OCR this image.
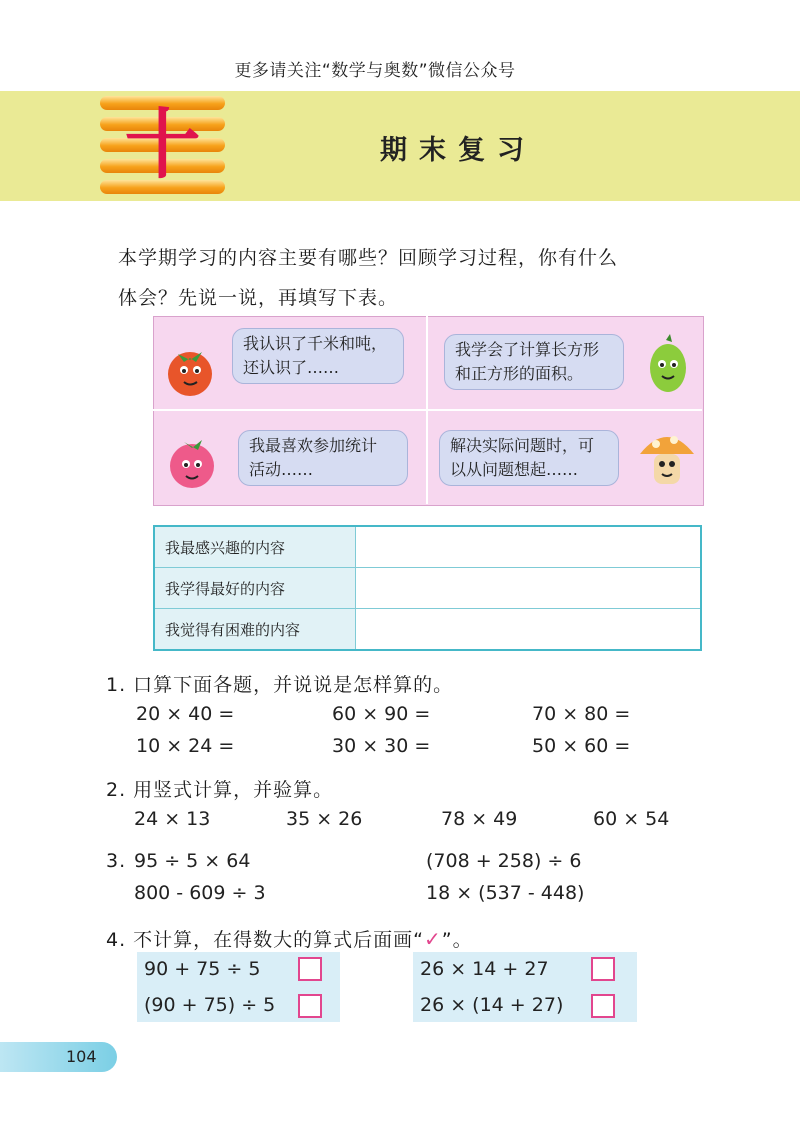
更多请关注“数学与奥数”微信公众号
十	期末复习
本学期学习的内容主要有哪些？回顾学习过程，你有什么
体会？先说一说，再填写下表。
我认识了千米和吨，
还认识了……
我学会了计算长方形
和正方形的面积。
我最喜欢参加统计
活动……
解决实际问题时，可
以从问题想起……
我最感兴趣的内容	
我学得最好的内容	
我觉得有困难的内容	
1. 口算下面各题，并说说是怎样算的。
20 × 40 =	60 × 90 =	70 × 80 =
10 × 24 =	30 × 30 =	50 × 60 =
2. 用竖式计算，并验算。
24 × 13	35 × 26	78 × 49	60 × 54
3. 95 ÷ 5 × 64	(708 + 258) ÷ 6
800 - 609 ÷ 3	18 × (537 - 448)
4. 不计算，在得数大的算式后面画“✓”。
90 + 75 ÷ 5
(90 + 75) ÷ 5
26 × 14 + 27
26 × (14 + 27)
104
